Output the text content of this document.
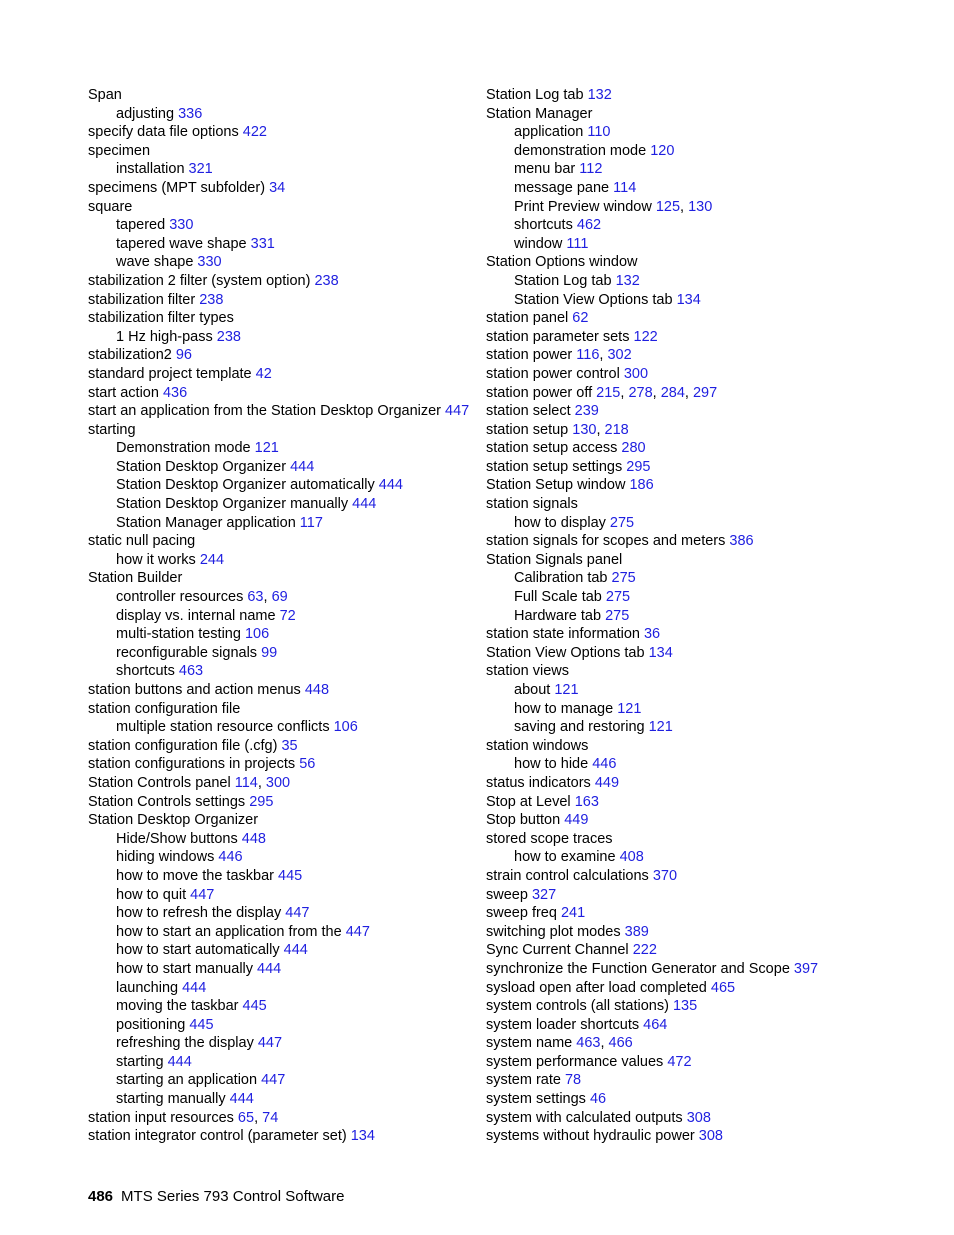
Span
adjusting 336
specify data file options 422
specimen
installation 321
specimens (MPT subfolder) 34
square
tapered 330
tapered wave shape 331
wave shape 330
stabilization 2 filter (system option) 238
stabilization filter 238
stabilization filter types
1 Hz high-pass 238
stabilization2 96
standard project template 42
start action 436
start an application from the Station Desktop Organizer 447
starting
Demonstration mode 121
Station Desktop Organizer 444
Station Desktop Organizer automatically 444
Station Desktop Organizer manually 444
Station Manager application 117
static null pacing
how it works 244
Station Builder
controller resources 63, 69
display vs. internal name 72
multi-station testing 106
reconfigurable signals 99
shortcuts 463
station buttons and action menus 448
station configuration file
multiple station resource conflicts 106
station configuration file (.cfg) 35
station configurations in projects 56
Station Controls panel 114, 300
Station Controls settings 295
Station Desktop Organizer
Hide/Show buttons 448
hiding windows 446
how to move the taskbar 445
how to quit 447
how to refresh the display 447
how to start an application from the 447
how to start automatically 444
how to start manually 444
launching 444
moving the taskbar 445
positioning 445
refreshing the display 447
starting 444
starting an application 447
starting manually 444
station input resources 65, 74
station integrator control (parameter set) 134
Station Log tab 132
Station Manager
application 110
demonstration mode 120
menu bar 112
message pane 114
Print Preview window 125, 130
shortcuts 462
window 111
Station Options window
Station Log tab 132
Station View Options tab 134
station panel 62
station parameter sets 122
station power 116, 302
station power control 300
station power off 215, 278, 284, 297
station select 239
station setup 130, 218
station setup access 280
station setup settings 295
Station Setup window 186
station signals
how to display 275
station signals for scopes and meters 386
Station Signals panel
Calibration tab 275
Full Scale tab 275
Hardware tab 275
station state information 36
Station View Options tab 134
station views
about 121
how to manage 121
saving and restoring 121
station windows
how to hide 446
status indicators 449
Stop at Level 163
Stop button 449
stored scope traces
how to examine 408
strain control calculations 370
sweep 327
sweep freq 241
switching plot modes 389
Sync Current Channel 222
synchronize the Function Generator and Scope 397
sysload open after load completed 465
system controls (all stations) 135
system loader shortcuts 464
system name 463, 466
system performance values 472
system rate 78
system settings 46
system with calculated outputs 308
systems without hydraulic power 308
486 MTS Series 793 Control Software
